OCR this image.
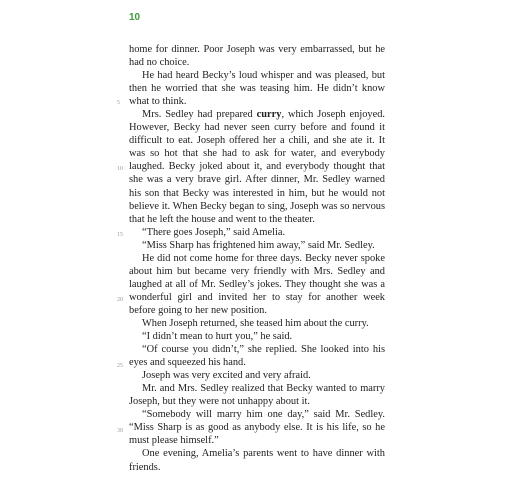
10
5
10
15
20
25
30

home for dinner. Poor Joseph was very embarrassed, but he had no choice.

He had heard Becky’s loud whisper and was pleased, but then he worried that she was teasing him. He didn’t know what to think.

Mrs. Sedley had prepared curry, which Joseph enjoyed. However, Becky had never seen curry before and found it difficult to eat. Joseph offered her a chili, and she ate it. It was so hot that she had to ask for water, and everybody laughed. Becky joked about it, and everybody thought that she was a very brave girl. After dinner, Mr. Sedley warned his son that Becky was interested in him, but he would not believe it. When Becky began to sing, Joseph was so nervous that he left the house and went to the theater.

“There goes Joseph,” said Amelia.

“Miss Sharp has frightened him away,” said Mr. Sedley.

He did not come home for three days. Becky never spoke about him but became very friendly with Mrs. Sedley and laughed at all of Mr. Sedley’s jokes. They thought she was a wonderful girl and invited her to stay for another week before going to her new position.

When Joseph returned, she teased him about the curry.

“I didn’t mean to hurt you,” he said.

“Of course you didn’t,” she replied. She looked into his eyes and squeezed his hand.

Joseph was very excited and very afraid.

Mr. and Mrs. Sedley realized that Becky wanted to marry Joseph, but they were not unhappy about it.

“Somebody will marry him one day,” said Mr. Sedley. “Miss Sharp is as good as anybody else. It is his life, so he must please himself.”

One evening, Amelia’s parents went to have dinner with friends.
